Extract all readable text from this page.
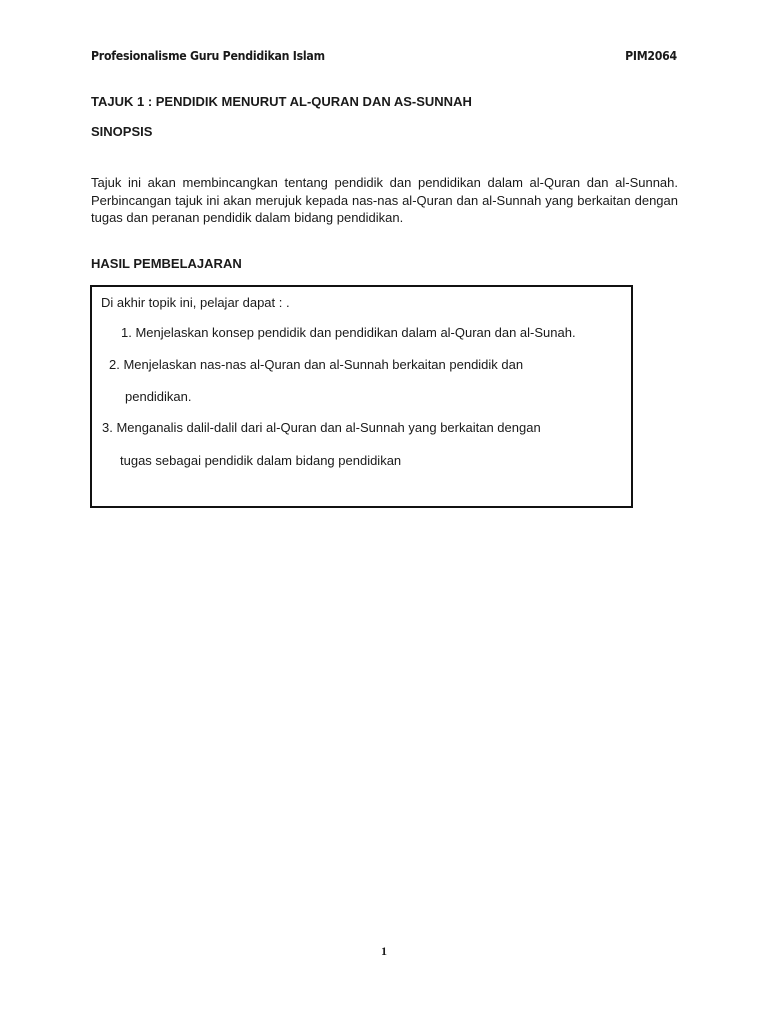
Profesionalisme Guru Pendidikan Islam	PIM2064
TAJUK 1 : PENDIDIK MENURUT AL-QURAN DAN AS-SUNNAH
SINOPSIS
Tajuk ini akan membincangkan tentang pendidik dan pendidikan dalam al-Quran dan al-Sunnah. Perbincangan tajuk ini akan merujuk kepada nas-nas al-Quran dan al-Sunnah yang berkaitan dengan tugas dan peranan pendidik dalam bidang pendidikan.
HASIL PEMBELAJARAN
Di akhir topik ini, pelajar dapat : .
1. Menjelaskan konsep pendidik dan pendidikan dalam al-Quran dan al-Sunah.
2. Menjelaskan nas-nas al-Quran dan al-Sunnah berkaitan pendidik dan
pendidikan.
3. Menganalis dalil-dalil dari al-Quran dan al-Sunnah yang berkaitan dengan
tugas sebagai pendidik dalam bidang pendidikan
1
